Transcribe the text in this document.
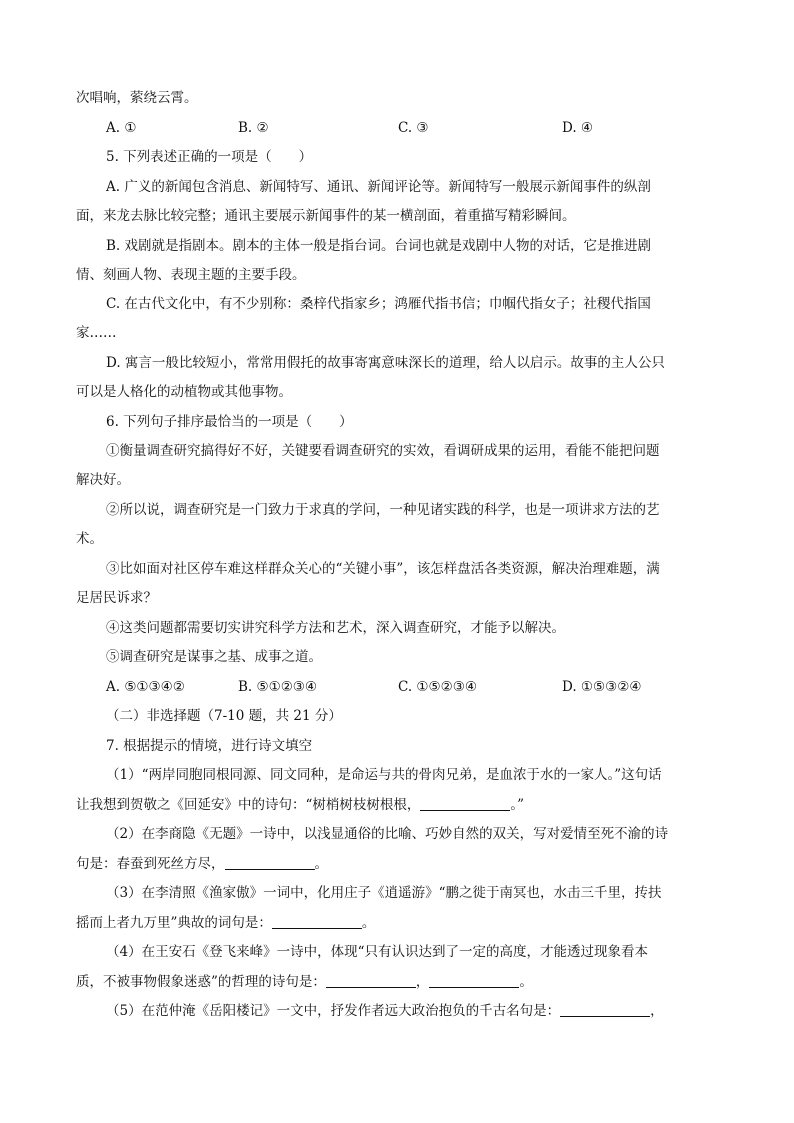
次唱响，萦绕云霄。
A. ①	B. ②	C. ③	D. ④
5. 下列表述正确的一项是（　　）
A. 广义的新闻包含消息、新闻特写、通讯、新闻评论等。新闻特写一般展示新闻事件的纵剖
面，来龙去脉比较完整；通讯主要展示新闻事件的某一横剖面，着重描写精彩瞬间。
B. 戏剧就是指剧本。剧本的主体一般是指台词。台词也就是戏剧中人物的对话，它是推进剧
情、刻画人物、表现主题的主要手段。
C. 在古代文化中，有不少别称：桑梓代指家乡；鸿雁代指书信；巾帼代指女子；社稷代指国
家……
D. 寓言一般比较短小，常常用假托的故事寄寓意味深长的道理，给人以启示。故事的主人公只
可以是人格化的动植物或其他事物。
6. 下列句子排序最恰当的一项是（　　）
①衡量调查研究搞得好不好，关键要看调查研究的实效，看调研成果的运用，看能不能把问题
解决好。
②所以说，调查研究是一门致力于求真的学问，一种见诸实践的科学，也是一项讲求方法的艺
术。
③比如面对社区停车难这样群众关心的“关键小事”，该怎样盘活各类资源，解决治理难题，满
足居民诉求？
④这类问题都需要切实讲究科学方法和艺术，深入调查研究，才能予以解决。
⑤调查研究是谋事之基、成事之道。
A. ⑤①③④②	B. ⑤①②③④	C. ①⑤②③④	D. ①⑤③②④
（二）非选择题（7-10 题，共 21 分）
7. 根据提示的情境，进行诗文填空
（1）“两岸同胞同根同源、同文同种，是命运与共的骨肉兄弟，是血浓于水的一家人。”这句话
让我想到贺敬之《回延安》中的诗句：“树梢树枝树根根，	。”
（2）在李商隐《无题》一诗中，以浅显通俗的比喻、巧妙自然的双关，写对爱情至死不渝的诗
句是：春蚕到死丝方尽，	。
（3）在李清照《渔家傲》一词中，化用庄子《逍遥游》“鹏之徙于南冥也，水击三千里，抟扶
摇而上者九万里”典故的词句是：	。
（4）在王安石《登飞来峰》一诗中，体现“只有认识达到了一定的高度，才能透过现象看本
质，不被事物假象迷惑”的哲理的诗句是：	，	。
（5）在范仲淹《岳阳楼记》一文中，抒发作者远大政治抱负的千古名句是：	，
